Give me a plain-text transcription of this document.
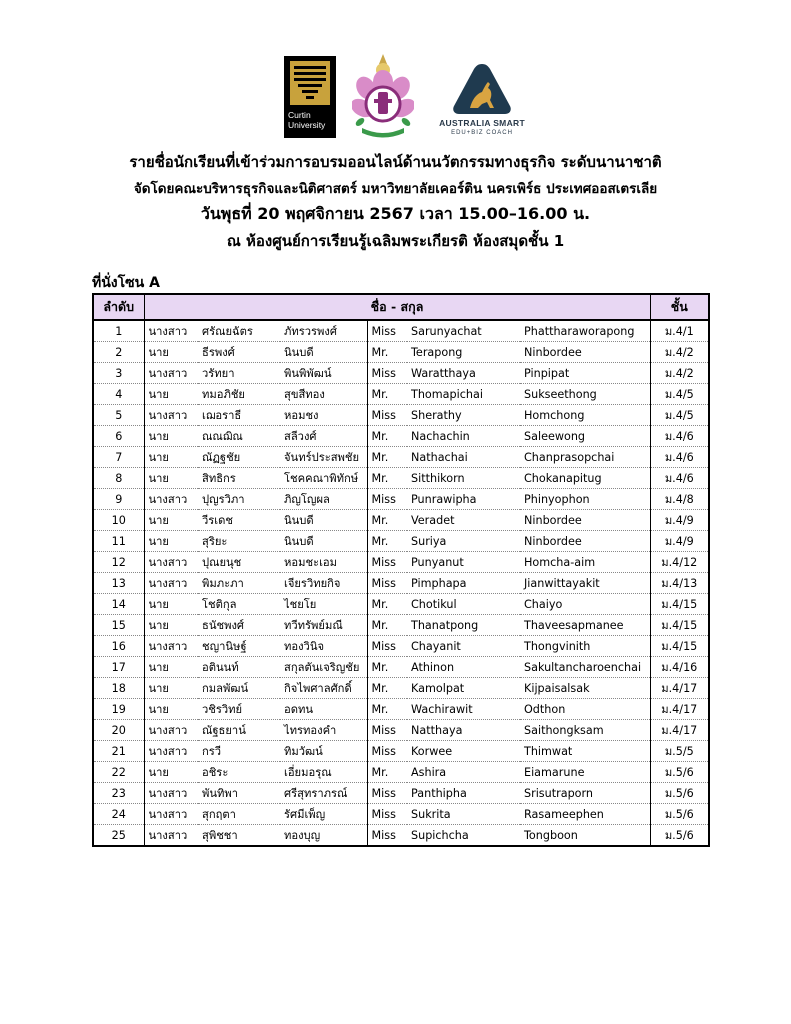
Curtin
University	AUSTRALIA SMART
EDU+BIZ COACH
รายชื่อนักเรียนที่เข้าร่วมการอบรมออนไลน์ด้านนวัตกรรมทางธุรกิจ ระดับนานาชาติ
จัดโดยคณะบริหารธุรกิจและนิติศาสตร์ มหาวิทยาลัยเคอร์ติน นครเพิร์ธ ประเทศออสเตรเลีย
วันพุธที่ 20 พฤศจิกายน 2567 เวลา 15.00–16.00 น.
ณ ห้องศูนย์การเรียนรู้เฉลิมพระเกียรติ ห้องสมุดชั้น 1
ที่นั่งโซน A
ลำดับ	ชื่อ - สกุล						ชั้น
1	นางสาว	ศรัณยฉัตร	ภัทรวรพงศ์	Miss	Sarunyachat	Phattharaworapong	ม.4/1
2	นาย	ธีรพงศ์	นินบดี	Mr.	Terapong	Ninbordee	ม.4/2
3	นางสาว	วรัทยา	พินพิพัฒน์	Miss	Waratthaya	Pinpipat	ม.4/2
4	นาย	ทมอภิชัย	สุขสีทอง	Mr.	Thomapichai	Sukseethong	ม.4/5
5	นางสาว	เฌอราธี	หอมชง	Miss	Sherathy	Homchong	ม.4/5
6	นาย	ณณฌิณ	สลีวงศ์	Mr.	Nachachin	Saleewong	ม.4/6
7	นาย	ณัฏฐชัย	จันทร์ประสพชัย	Mr.	Nathachai	Chanprasopchai	ม.4/6
8	นาย	สิทธิกร	โชคคณาพิทักษ์	Mr.	Sitthikorn	Chokanapitug	ม.4/6
9	นางสาว	ปุญรวิภา	ภิญโญผล	Miss	Punrawipha	Phinyophon	ม.4/8
10	นาย	วีรเดช	นินบดี	Mr.	Veradet	Ninbordee	ม.4/9
11	นาย	สุริยะ	นินบดี	Mr.	Suriya	Ninbordee	ม.4/9
12	นางสาว	ปุณยนุช	หอมชะเอม	Miss	Punyanut	Homcha-aim	ม.4/12
13	นางสาว	พิมภะภา	เจียรวิทยกิจ	Miss	Pimphapa	Jianwittayakit	ม.4/13
14	นาย	โชติกุล	ไชยโย	Mr.	Chotikul	Chaiyo	ม.4/15
15	นาย	ธนัชพงศ์	ทวีทรัพย์มณี	Mr.	Thanatpong	Thaveesapmanee	ม.4/15
16	นางสาว	ชญานิษฐ์	ทองวินิจ	Miss	Chayanit	Thongvinith	ม.4/15
17	นาย	อตินนท์	สกุลตันเจริญชัย	Mr.	Athinon	Sakultancharoenchai	ม.4/16
18	นาย	กมลพัฒน์	กิจไพศาลศักดิ์	Mr.	Kamolpat	Kijpaisalsak	ม.4/17
19	นาย	วชิรวิทย์	อดทน	Mr.	Wachirawit	Odthon	ม.4/17
20	นางสาว	ณัฐธยาน์	ไทรทองคำ	Miss	Natthaya	Saithongksam	ม.4/17
21	นางสาว	กรวี	ทิมวัฒน์	Miss	Korwee	Thimwat	ม.5/5
22	นาย	อชิระ	เอี่ยมอรุณ	Mr.	Ashira	Eiamarune	ม.5/6
23	นางสาว	พันทิพา	ศรีสุทราภรณ์	Miss	Panthipha	Srisutraporn	ม.5/6
24	นางสาว	สุกฤตา	รัศมีเพ็ญ	Miss	Sukrita	Rasameephen	ม.5/6
25	นางสาว	สุพิชชา	ทองบุญ	Miss	Supichcha	Tongboon	ม.5/6
